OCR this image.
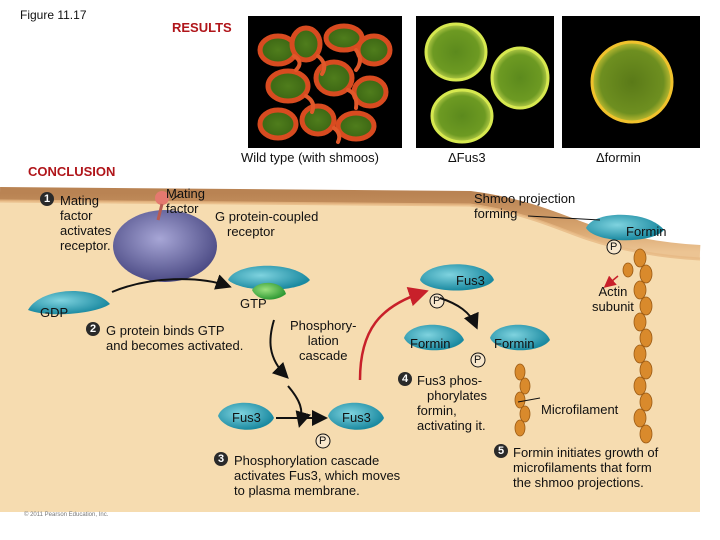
Figure 11.17
RESULTS
Wild type (with shmoos)	ΔFus3	Δformin
CONCLUSION
1 Mating
factor
activates
receptor.
Mating
factor
G protein-coupled
receptor
GDP
GTP
2 G protein binds GTP
and becomes activated.
Phosphory-
lation
cascade
Fus3	Fus3
P
3 Phosphorylation cascade
activates Fus3, which moves
to plasma membrane.
Fus3
P
Formin	Formin
P
4 Fus3 phos-
phorylates
formin,
activating it.
Shmoo projection
forming
Formin
P
Actin
subunit
Microfilament
5 Formin initiates growth of
microfilaments that form
the shmoo projections.
© 2011 Pearson Education, Inc.
